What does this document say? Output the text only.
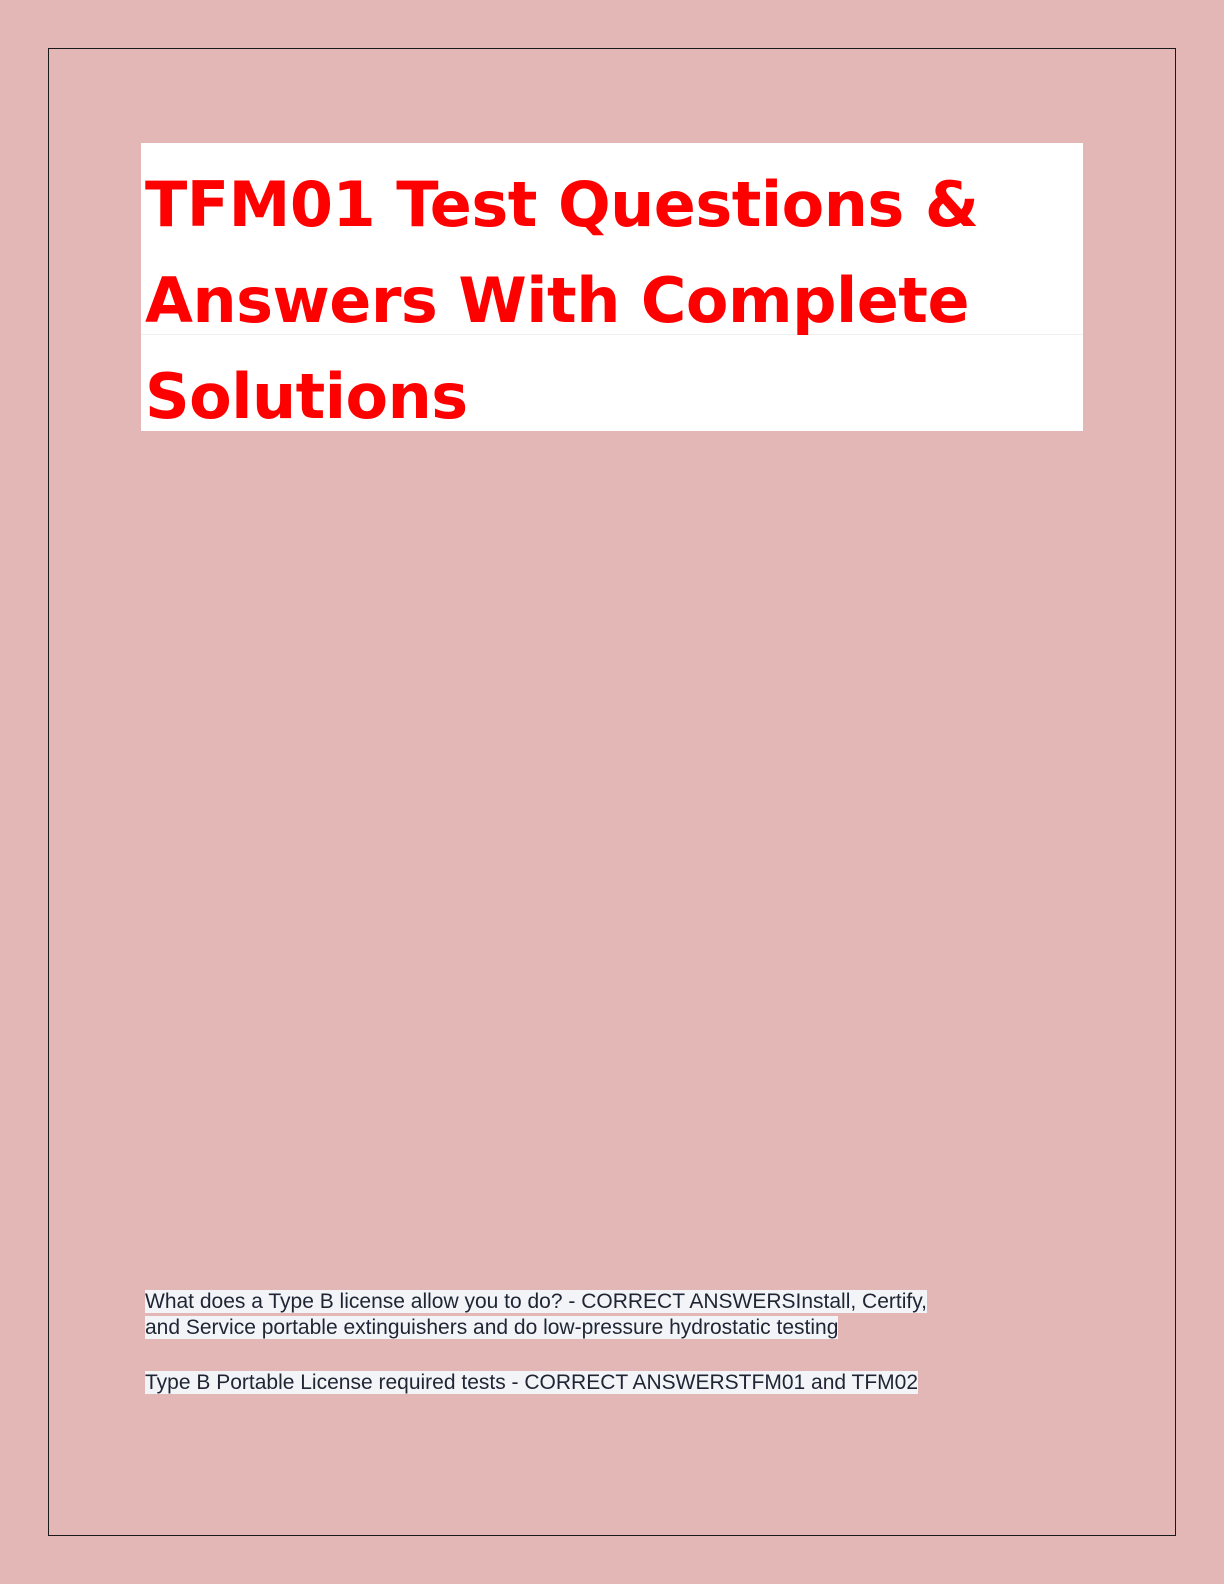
TFM01 Test Questions &
Answers With Complete
Solutions
What does a Type B license allow you to do? - CORRECT ANSWERSInstall, Certify,
and Service portable extinguishers and do low-pressure hydrostatic testing
Type B Portable License required tests - CORRECT ANSWERSTFM01 and TFM02
